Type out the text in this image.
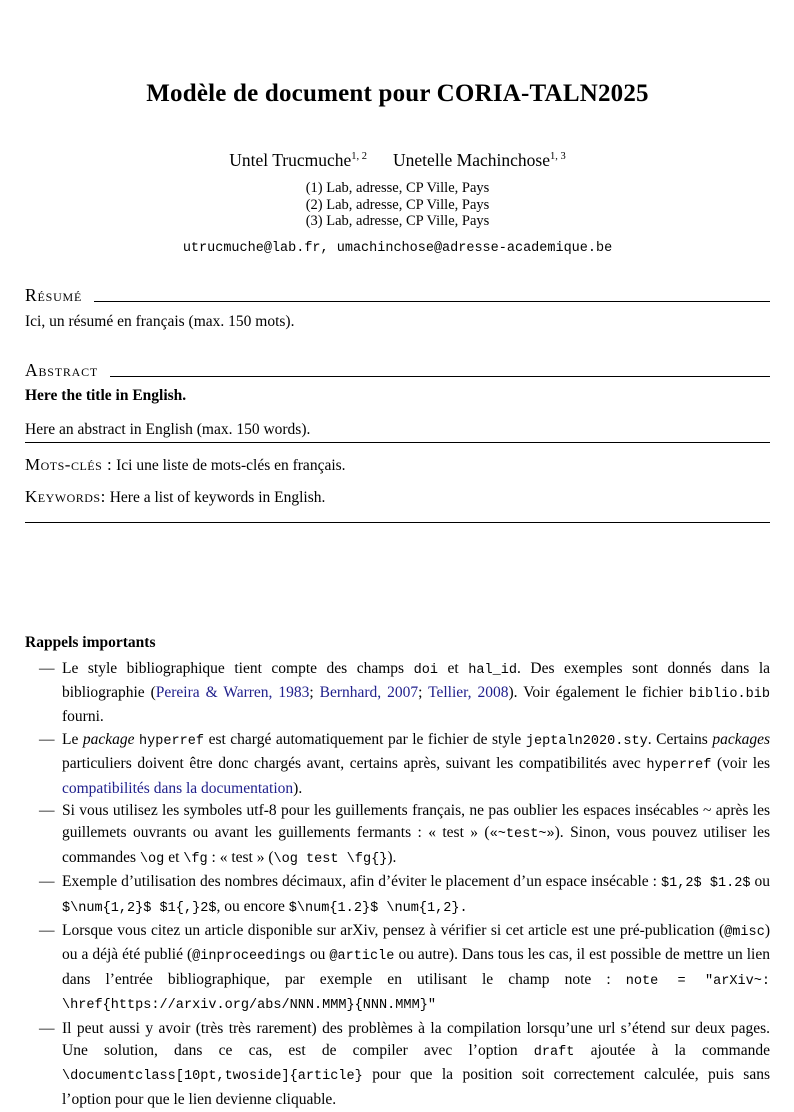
Modèle de document pour CORIA-TALN2025
Untel Trucmuche$^{1, 2}$ Unetelle Machinchose$^{1, 3}$
(1) Lab, adresse, CP Ville, Pays
(2) Lab, adresse, CP Ville, Pays
(3) Lab, adresse, CP Ville, Pays
utrucmuche@lab.fr, umachinchose@adresse-academique.be
Résumé
Ici, un résumé en français (max. 150 mots).
Abstract
Here the title in English.
Here an abstract in English (max. 150 words).
Mots-clés : Ici une liste de mots-clés en français.
Keywords: Here a list of keywords in English.
Rappels importants
— Le style bibliographique tient compte des champs doi et hal_id. Des exemples sont donnés dans la bibliographie (Pereira & Warren, 1983; Bernhard, 2007; Tellier, 2008). Voir également le fichier biblio.bib fourni.
— Le package hyperref est chargé automatiquement par le fichier de style jeptaln2020.sty. Certains packages particuliers doivent être donc chargés avant, certains après, suivant les compatibilités avec hyperref (voir les compatibilités dans la documentation).
— Si vous utilisez les symboles utf-8 pour les guillements français, ne pas oublier les espaces insécables ~ après les guillemets ouvrants ou avant les guillements fermants : « test » («~test~»). Sinon, vous pouvez utiliser les commandes \og et \fg : « test » (\og test \fg{}).
— Exemple d’utilisation des nombres décimaux, afin d’éviter le placement d’un espace insécable : $1,2$ $1.2$ ou $\num{1,2}$ $1{,}2$, ou encore $\num{1.2}$ \num{1,2}.
— Lorsque vous citez un article disponible sur arXiv, pensez à vérifier si cet article est une pré-publication (@misc) ou a déjà été publié (@inproceedings ou @article ou autre). Dans tous les cas, il est possible de mettre un lien dans l’entrée bibliographique, par exemple en utilisant le champ note : note = "arXiv~: \href{https://arxiv.org/abs/NNN.MMM}{NNN.MMM}"
— Il peut aussi y avoir (très très rarement) des problèmes à la compilation lorsqu’une url s’étend sur deux pages. Une solution, dans ce cas, est de compiler avec l’option draft ajoutée à la commande \documentclass[10pt,twoside]{article} pour que la position soit correctement calculée, puis sans l’option pour que le lien devienne cliquable.
